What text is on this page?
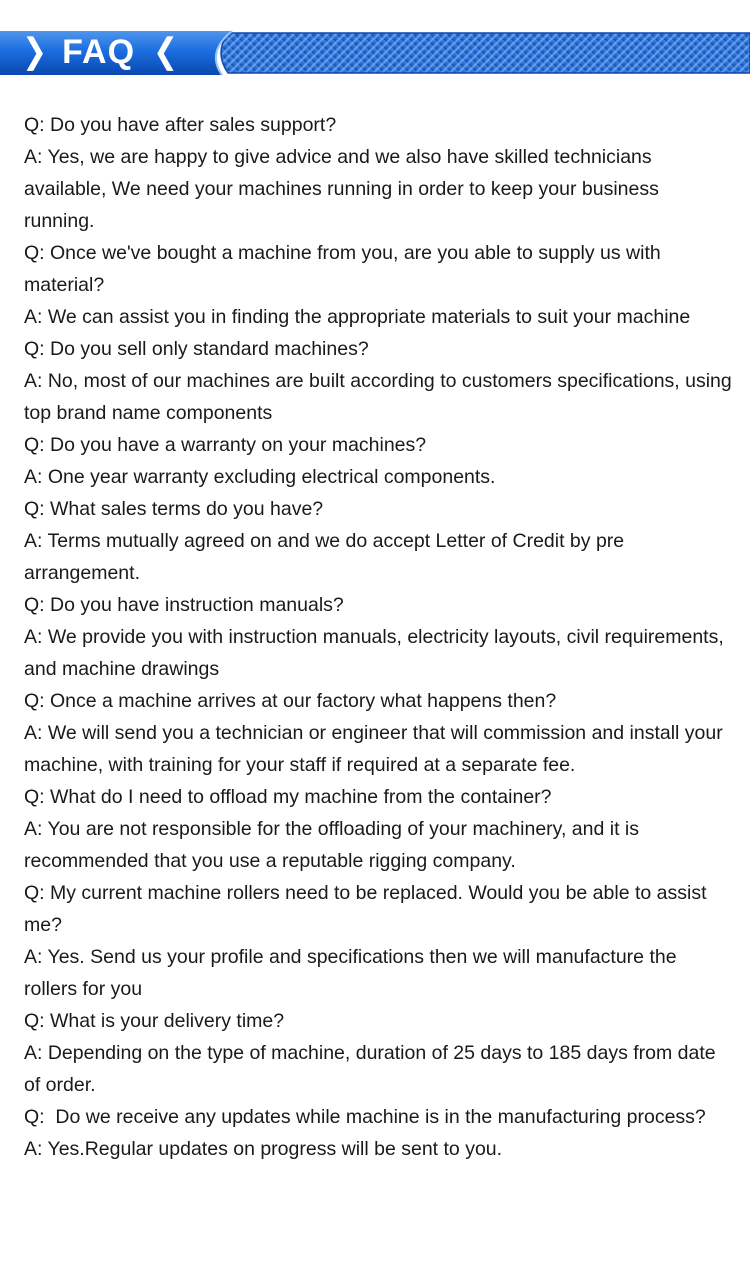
❯ FAQ ❮

Q: Do you have after sales support?

A: Yes, we are happy to give advice and we also have skilled technicians available, We need your machines running in order to keep your business running.

Q: Once we've bought a machine from you, are you able to supply us with material?

A: We can assist you in finding the appropriate materials to suit your machine

Q: Do you sell only standard machines?

A: No, most of our machines are built according to customers specifications, using top brand name components

Q: Do you have a warranty on your machines?

A: One year warranty excluding electrical components.

Q: What sales terms do you have?

A: Terms mutually agreed on and we do accept Letter of Credit by pre arrangement.

Q: Do you have instruction manuals?

A: We provide you with instruction manuals, electricity layouts, civil requirements, and machine drawings

Q: Once a machine arrives at our factory what happens then?

A: We will send you a technician or engineer that will commission and install your machine, with training for your staff if required at a separate fee.

Q: What do I need to offload my machine from the container?

A: You are not responsible for the offloading of your machinery, and it is recommended that you use a reputable rigging company.

Q: My current machine rollers need to be replaced. Would you be able to assist me?

A: Yes. Send us your profile and specifications then we will manufacture the rollers for you

Q: What is your delivery time?

A: Depending on the type of machine, duration of 25 days to 185 days from date of order.

Q:  Do we receive any updates while machine is in the manufacturing process?

A: Yes.Regular updates on progress will be sent to you.
